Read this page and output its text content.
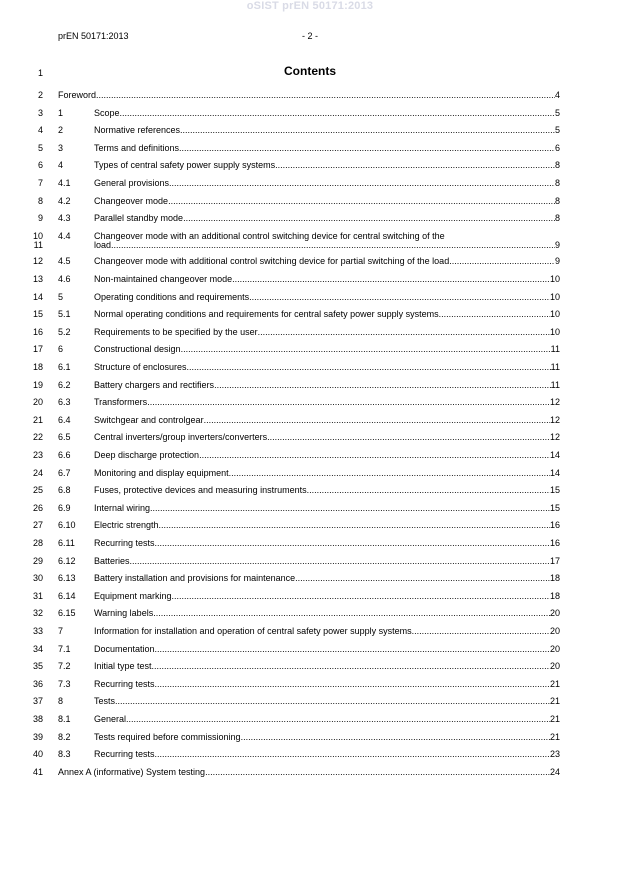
oSIST prEN 50171:2013
prEN 50171:2013	- 2 -
1	Contents
2 Foreword .....	4
3 1	Scope .....	5
4 2	Normative references .....	5
5 3	Terms and definitions .....	6
6 4	Types of central safety power supply systems .....	8
7 4.1	General provisions .....	8
8 4.2	Changeover mode .....	8
9 4.3	Parallel standby mode .....	8
10
11
4.4	Changeover mode with an additional control switching device for central switching of the
load .....	9
12 4.5	Changeover mode with additional control switching device for partial switching of the load .....	9
13 4.6	Non-maintained changeover mode .....	10
14 5	Operating conditions and requirements .....	10
15 5.1	Normal operating conditions and requirements for central safety power supply systems .....	10
16 5.2	Requirements to be specified by the user .....	10
17 6	Constructional design .....	11
18 6.1	Structure of enclosures .....	11
19 6.2	Battery chargers and rectifiers .....	11
20 6.3	Transformers .....	12
21 6.4	Switchgear and controlgear .....	12
22 6.5	Central inverters/group inverters/converters .....	12
23 6.6	Deep discharge protection .....	14
24 6.7	Monitoring and display equipment .....	14
25 6.8	Fuses, protective devices and measuring instruments .....	15
26 6.9	Internal wiring .....	15
27 6.10 Electric strength .....	16
28 6.11 Recurring tests .....	16
29 6.12 Batteries .....	17
30 6.13 Battery installation and provisions for maintenance .....	18
31 6.14 Equipment marking .....	18
32 6.15 Warning labels .....	20
33 7	Information for installation and operation of central safety power supply systems .....	20
34 7.1	Documentation .....	20
35 7.2	Initial type test .....	20
36 7.3	Recurring tests .....	21
37 8	Tests .....	21
38 8.1	General .....	21
39 8.2	Tests required before commissioning .....	21
40 8.3	Recurring tests .....	23
41 Annex A (informative) System testing .....	24
